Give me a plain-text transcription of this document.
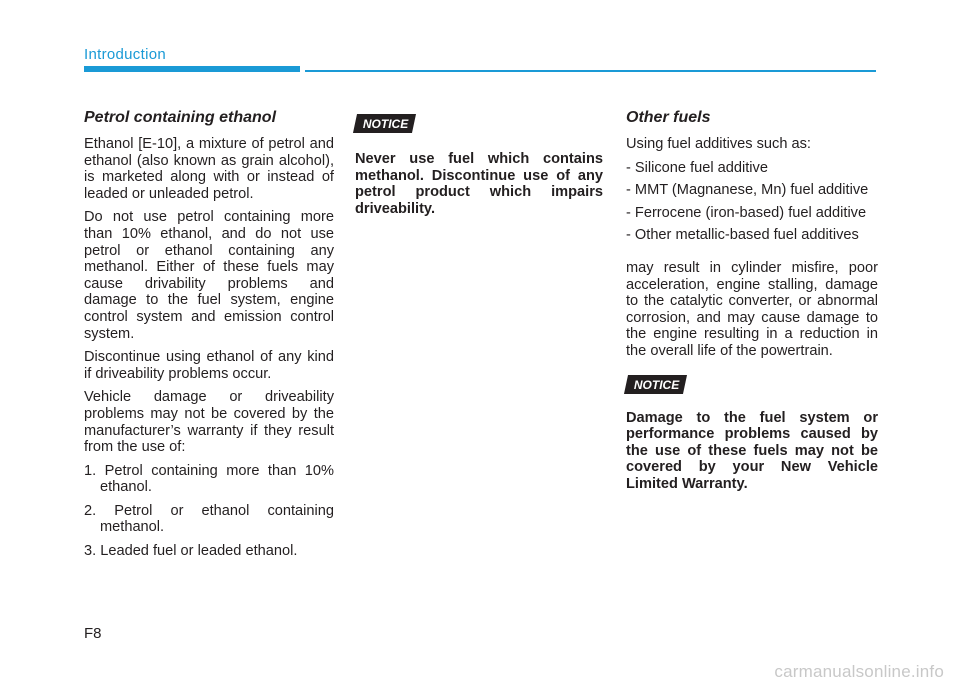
Introduction
Petrol containing ethanol

Ethanol [E-10], a mixture of petrol and ethanol (also known as grain alcohol), is marketed along with or instead of leaded or unleaded petrol.

Do not use petrol containing more than 10% ethanol, and do not use petrol or ethanol containing any methanol. Either of these fuels may cause drivability problems and damage to the fuel system, engine control system and emission control system.

Discontinue using ethanol of any kind if driveability problems occur.

Vehicle damage or driveability problems may not be covered by the manufacturer’s warranty if they result from the use of:

1. Petrol containing more than 10% ethanol.
2. Petrol or ethanol containing methanol.
3. Leaded fuel or leaded ethanol.
NOTICE

Never use fuel which contains methanol. Discontinue use of any petrol product which impairs driveability.

Other fuels

Using fuel additives such as:

- Silicone fuel additive
- MMT (Magnanese, Mn) fuel additive
- Ferrocene (iron-based) fuel additive
- Other metallic-based fuel additives

may result in cylinder misfire, poor acceleration, engine stalling, damage to the catalytic converter, or abnormal corrosion, and may cause damage to the engine resulting in a reduction in the overall life of the powertrain.

NOTICE

Damage to the fuel system or performance problems caused by the use of these fuels may not be covered by your New Vehicle Limited Warranty.

F8
carmanualsonline.info
